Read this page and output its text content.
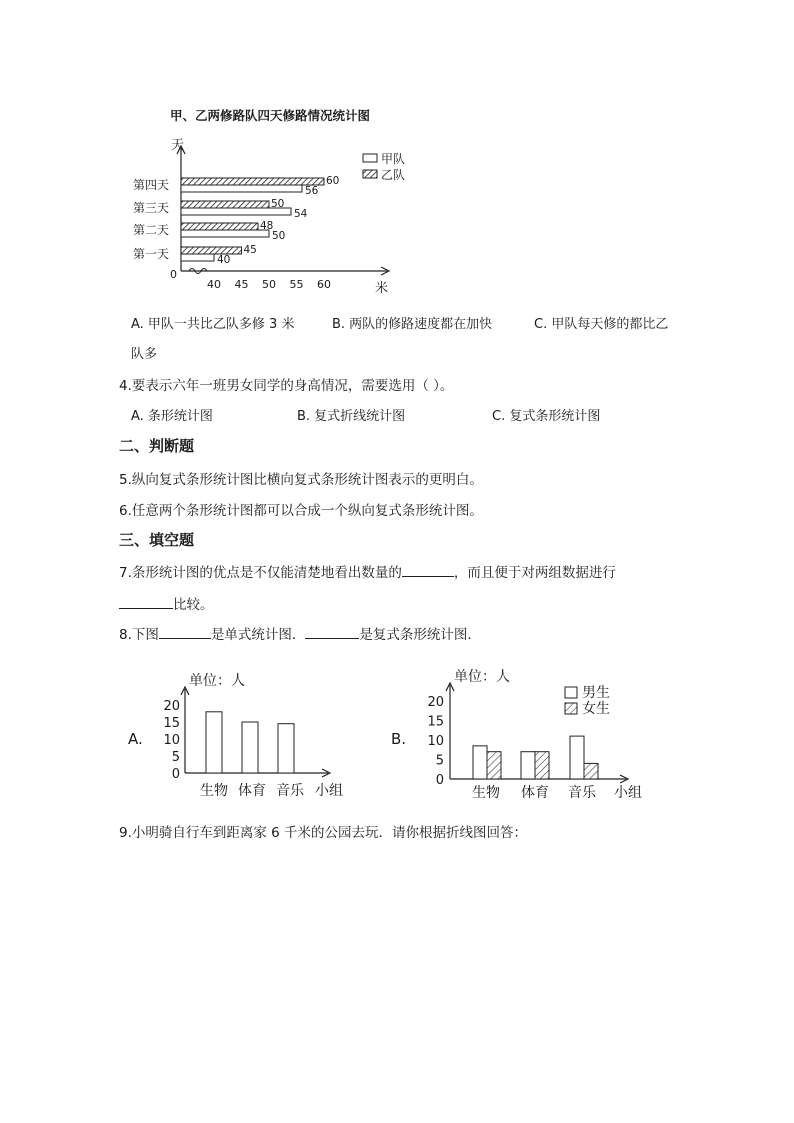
甲、乙两修路队四天修路情况统计图
天
米
0
甲队
乙队
40 45 50 55 60
第一天	45
40
第二天	48
50
第三天	50
54
第四天	60
56
A. 甲队一共比乙队多修 3 米	B. 两队的修路速度都在加快	C. 甲队每天修的都比乙
队多
4.要表示六年一班男女同学的身高情况，需要选用（ ）。
A. 条形统计图	B. 复式折线统计图	C. 复式条形统计图
二、判断题
5.纵向复式条形统计图比横向复式条形统计图表示的更明白。
6.任意两个条形统计图都可以合成一个纵向复式条形统计图。
三、填空题
7.条形统计图的优点是不仅能清楚地看出数量的	，而且便于对两组数据进行
比较。
8.下图	是单式统计图．	是复式条形统计图．
A.
单位：人
小组
0
5
10
15
20
生物 体育 音乐
B.
单位：人
小组
男生
女生
0
5
10
15
20
生物 体育 音乐
9.小明骑自行车到距离家 6 千米的公园去玩．请你根据折线图回答：
